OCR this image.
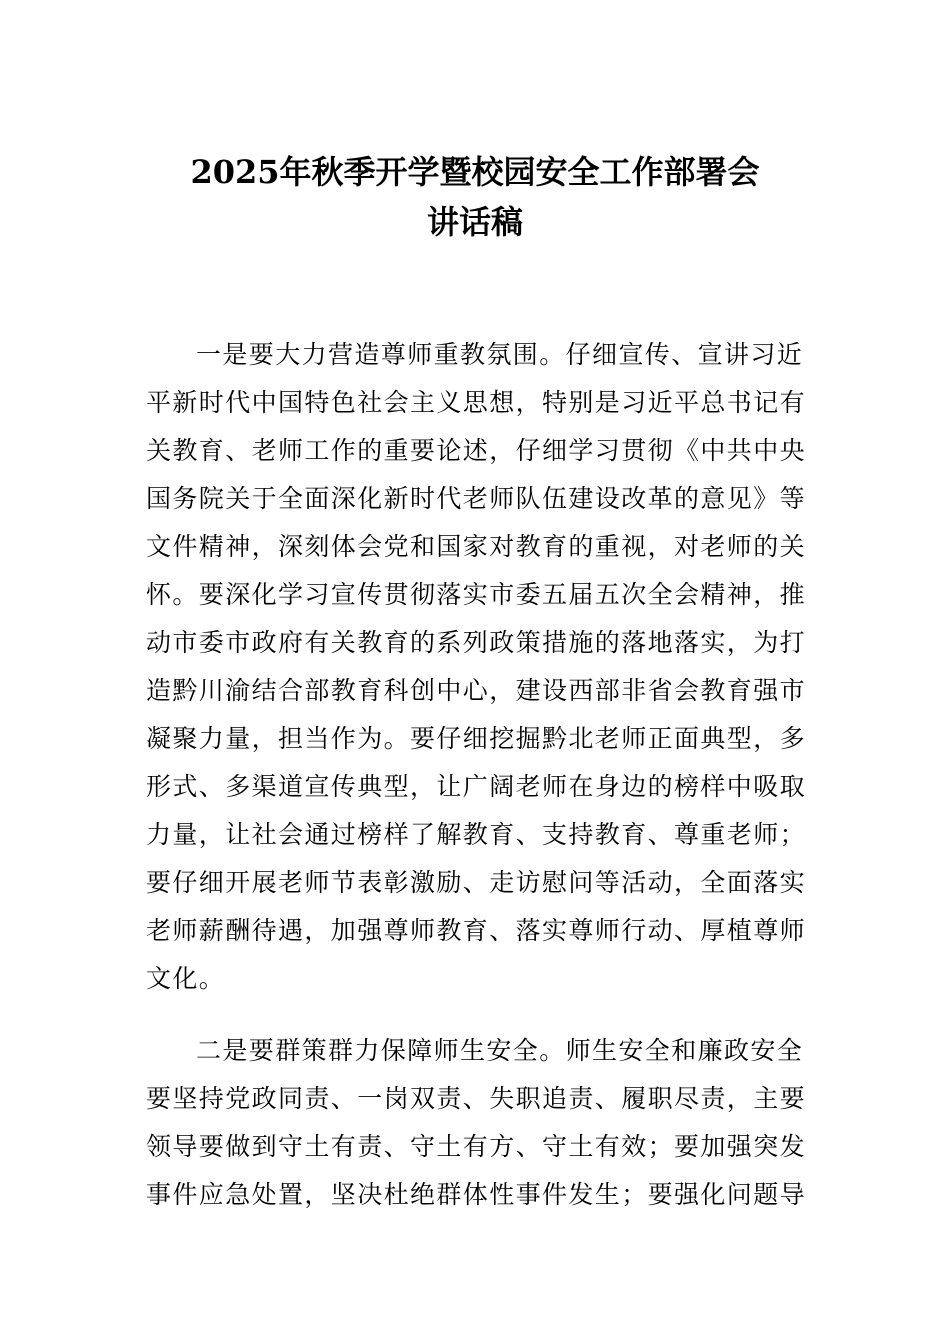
2025年秋季开学暨校园安全工作部署会
讲话稿
一是要大力营造尊师重教氛围。仔细宣传、宣讲习近
平新时代中国特色社会主义思想，特别是习近平总书记有
关教育、老师工作的重要论述，仔细学习贯彻《中共中央
国务院关于全面深化新时代老师队伍建设改革的意见》等
文件精神，深刻体会党和国家对教育的重视，对老师的关
怀。要深化学习宣传贯彻落实市委五届五次全会精神，推
动市委市政府有关教育的系列政策措施的落地落实，为打
造黔川渝结合部教育科创中心，建设西部非省会教育强市
凝聚力量，担当作为。要仔细挖掘黔北老师正面典型，多
形式、多渠道宣传典型，让广阔老师在身边的榜样中吸取
力量，让社会通过榜样了解教育、支持教育、尊重老师；
要仔细开展老师节表彰激励、走访慰问等活动，全面落实
老师薪酬待遇，加强尊师教育、落实尊师行动、厚植尊师
文化。
二是要群策群力保障师生安全。师生安全和廉政安全
要坚持党政同责、一岗双责、失职追责、履职尽责，主要
领导要做到守土有责、守土有方、守土有效；要加强突发
事件应急处置，坚决杜绝群体性事件发生；要强化问题导
